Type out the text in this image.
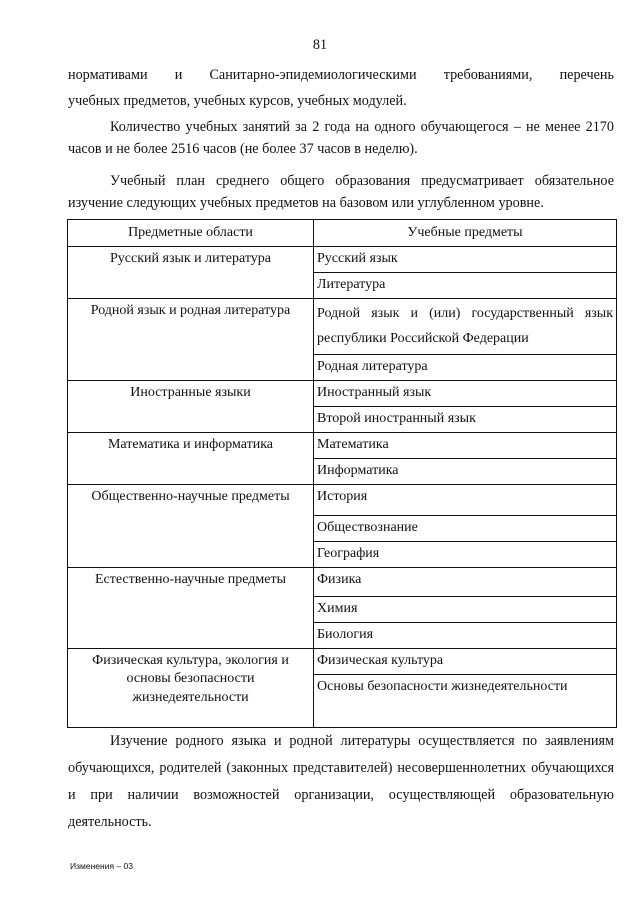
81

нормативами и Санитарно-эпидемиологическими требованиями, перечень

учебных предметов, учебных курсов, учебных модулей.

Количество учебных занятий за 2 года на одного обучающегося – не менее 2170 часов и не более 2516 часов (не более 37 часов в неделю).

Учебный план среднего общего образования предусматривает обязательное изучение следующих учебных предметов на базовом или углубленном уровне.

Предметные области	Учебные предметы
Русский язык и литература	Русский язык
	Литература
Родной язык и родная литература	Родной язык и (или) государственный язык республики Российской Федерации
	Родная литература
Иностранные языки	Иностранный язык
	Второй иностранный язык
Математика и информатика	Математика
	Информатика
Общественно-научные предметы	История
	Обществознание
	География
Естественно-научные предметы	Физика
	Химия
	Биология
Физическая культура, экология и основы безопасности жизнедеятельности	Физическая культура
	Основы безопасности жизнедеятельности

Изучение родного языка и родной литературы осуществляется по заявлениям обучающихся, родителей (законных представителей) несовершеннолетних обучающихся и при наличии возможностей организации, осуществляющей образовательную деятельность.

Изменения – 03
